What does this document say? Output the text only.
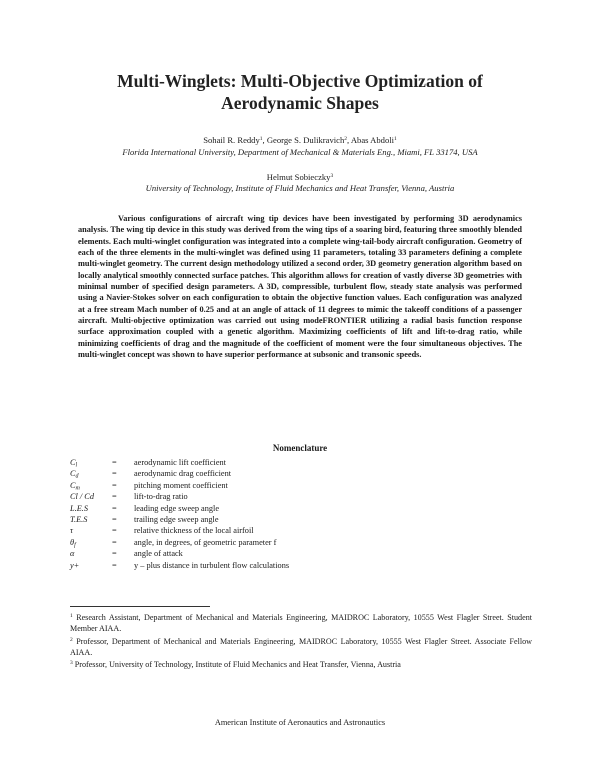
Multi-Winglets: Multi-Objective Optimization of Aerodynamic Shapes
Sohail R. Reddy$^1$, George S. Dulikravich$^2$, Abas Abdoli$^1$
Florida International University, Department of Mechanical & Materials Eng., Miami, FL 33174, USA
Helmut Sobieczky$^3$
University of Technology, Institute of Fluid Mechanics and Heat Transfer, Vienna, Austria

Various configurations of aircraft wing tip devices have been investigated by performing 3D aerodynamics analysis. The wing tip device in this study was derived from the wing tips of a soaring bird, featuring three smoothly blended elements. Each multi-winglet configuration was integrated into a complete wing-tail-body aircraft configuration. Geometry of each of the three elements in the multi-winglet was defined using 11 parameters, totaling 33 parameters defining a complete multi-winglet geometry. The current design methodology utilized a second order, 3D geometry generation algorithm based on locally analytical smoothly connected surface patches. This algorithm allows for creation of vastly diverse 3D geometries with minimal number of specified design parameters. A 3D, compressible, turbulent flow, steady state analysis was performed using a Navier-Stokes solver on each configuration to obtain the objective function values. Each configuration was analyzed at a free stream Mach number of 0.25 and at an angle of attack of 11 degrees to mimic the takeoff conditions of a passenger aircraft. Multi-objective optimization was carried out using modeFRONTIER utilizing a radial basis function response surface approximation coupled with a genetic algorithm. Maximizing coefficients of lift and lift-to-drag ratio, while minimizing coefficients of drag and the magnitude of the coefficient of moment were the four simultaneous objectives. The multi-winglet concept was shown to have superior performance at subsonic and transonic speeds.

Nomenclature
Cl	=	aerodynamic lift coefficient
Cd	=	aerodynamic drag coefficient
Cm	=	pitching moment coefficient
Cl / Cd	=	lift-to-drag ratio
L.E.S	=	leading edge sweep angle
T.E.S	=	trailing edge sweep angle
τ	=	relative thickness of the local airfoil
θf	=	angle, in degrees, of geometric parameter f
α	=	angle of attack
y+	=	y – plus distance in turbulent flow calculations

$^1$ Research Assistant, Department of Mechanical and Materials Engineering, MAIDROC Laboratory, 10555 West Flagler Street. Student Member AIAA.

$^2$ Professor, Department of Mechanical and Materials Engineering, MAIDROC Laboratory, 10555 West Flagler Street. Associate Fellow AIAA.

$^3$ Professor, University of Technology, Institute of Fluid Mechanics and Heat Transfer, Vienna, Austria

American Institute of Aeronautics and Astronautics
